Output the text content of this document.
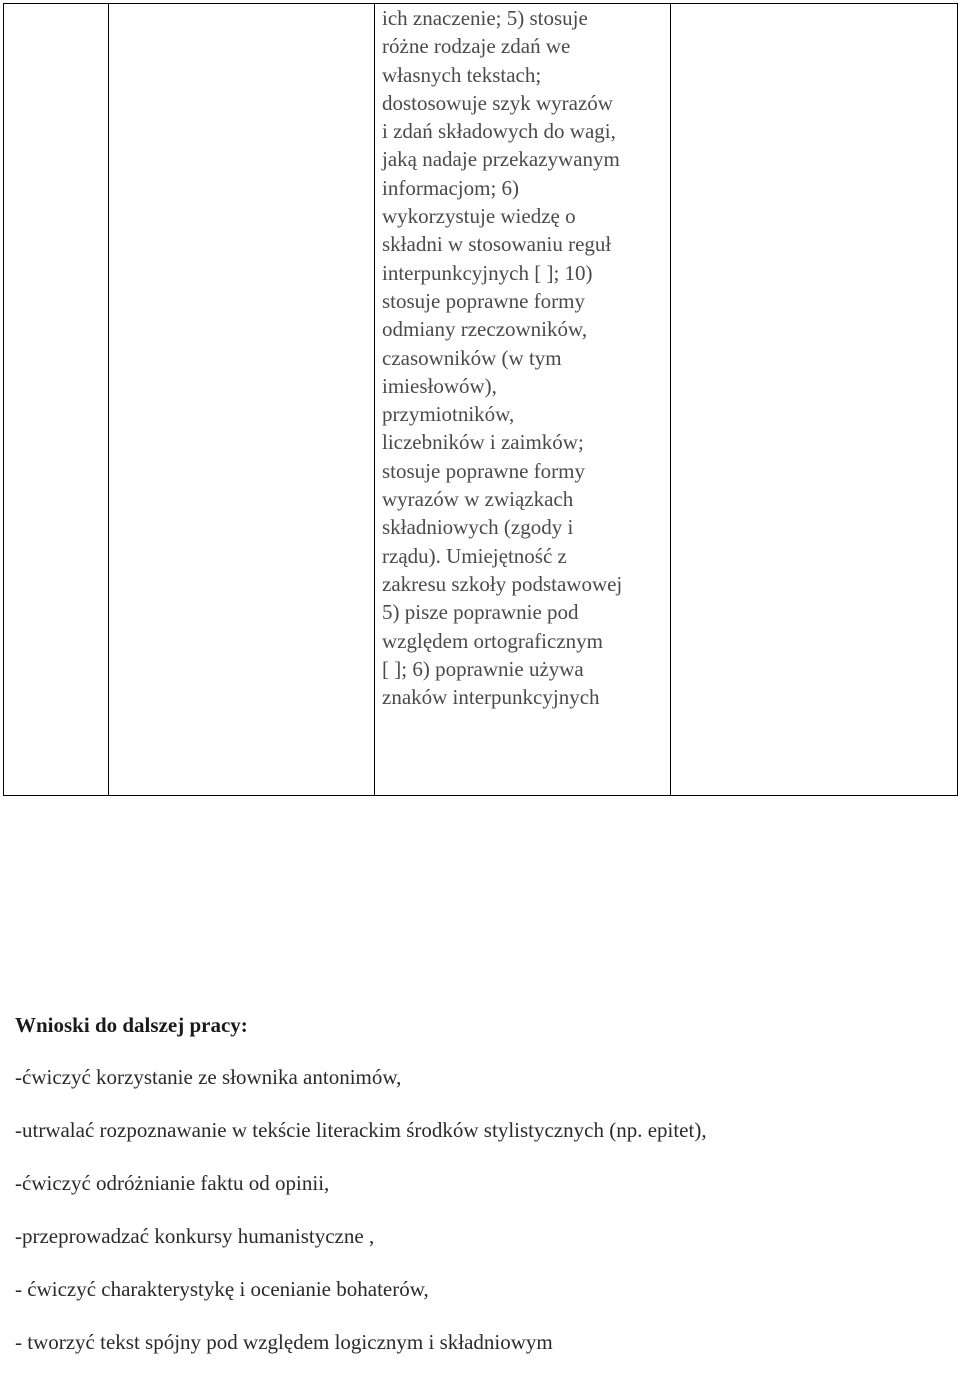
ich znaczenie; 5) stosuje
różne rodzaje zdań we
własnych tekstach;
dostosowuje szyk wyrazów
i zdań składowych do wagi,
jaką nadaje przekazywanym
informacjom; 6)
wykorzystuje wiedzę o
składni w stosowaniu reguł
interpunkcyjnych [ ]; 10)
stosuje poprawne formy
odmiany rzeczowników,
czasowników (w tym
imiesłowów),
przymiotników,
liczebników i zaimków;
stosuje poprawne formy
wyrazów w związkach
składniowych (zgody i
rządu). Umiejętność z
zakresu szkoły podstawowej
5) pisze poprawnie pod
względem ortograficznym
[ ]; 6) poprawnie używa
znaków interpunkcyjnych
Wnioski do dalszej pracy:
-ćwiczyć korzystanie ze słownika antonimów,
-utrwalać rozpoznawanie w tekście literackim środków stylistycznych (np. epitet),
-ćwiczyć odróżnianie faktu od opinii,
-przeprowadzać konkursy humanistyczne ,
- ćwiczyć charakterystykę i ocenianie bohaterów,
- tworzyć tekst spójny pod względem logicznym i składniowym
